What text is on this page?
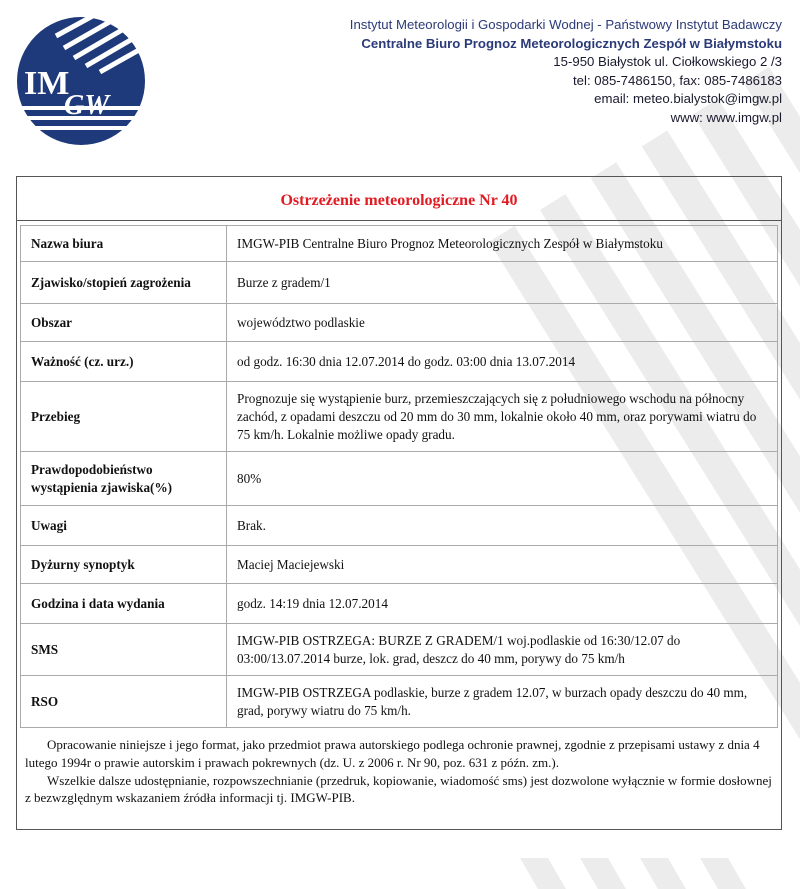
IM
GW
Instytut Meteorologii i Gospodarki Wodnej - Państwowy Instytut Badawczy
Centralne Biuro Prognoz Meteorologicznych Zespół w Białymstoku
15-950 Białystok ul. Ciołkowskiego 2 /3
tel: 085-7486150, fax: 085-7486183
email: meteo.bialystok@imgw.pl
www: www.imgw.pl
Ostrzeżenie meteorologiczne Nr 40
Nazwa biura	IMGW-PIB Centralne Biuro Prognoz Meteorologicznych Zespół w Białymstoku
Zjawisko/stopień zagrożenia	Burze z gradem/1
Obszar	województwo podlaskie
Ważność (cz. urz.)	od godz. 16:30 dnia 12.07.2014 do godz. 03:00 dnia 13.07.2014
Przebieg	Prognozuje się wystąpienie burz, przemieszczających się z południowego wschodu na północny zachód, z opadami deszczu od 20 mm do 30 mm, lokalnie około 40 mm, oraz porywami wiatru do 75 km/h. Lokalnie możliwe opady gradu.
Prawdopodobieństwo wystąpienia zjawiska(%)	80%
Uwagi	Brak.
Dyżurny synoptyk	Maciej Maciejewski
Godzina i data wydania	godz. 14:19 dnia 12.07.2014
SMS	IMGW-PIB OSTRZEGA: BURZE Z GRADEM/1 woj.podlaskie od 16:30/12.07 do 03:00/13.07.2014 burze, lok. grad, deszcz do 40 mm, porywy do 75 km/h
RSO	IMGW-PIB OSTRZEGA podlaskie, burze z gradem 12.07, w burzach opady deszczu do 40 mm, grad, porywy wiatru do 75 km/h.

Opracowanie niniejsze i jego format, jako przedmiot prawa autorskiego podlega ochronie prawnej, zgodnie z przepisami ustawy z dnia 4 lutego 1994r o prawie autorskim i prawach pokrewnych (dz. U. z 2006 r. Nr 90, poz. 631 z późn. zm.).

Wszelkie dalsze udostępnianie, rozpowszechnianie (przedruk, kopiowanie, wiadomość sms) jest dozwolone wyłącznie w formie dosłownej z bezwzględnym wskazaniem źródła informacji tj. IMGW-PIB.
